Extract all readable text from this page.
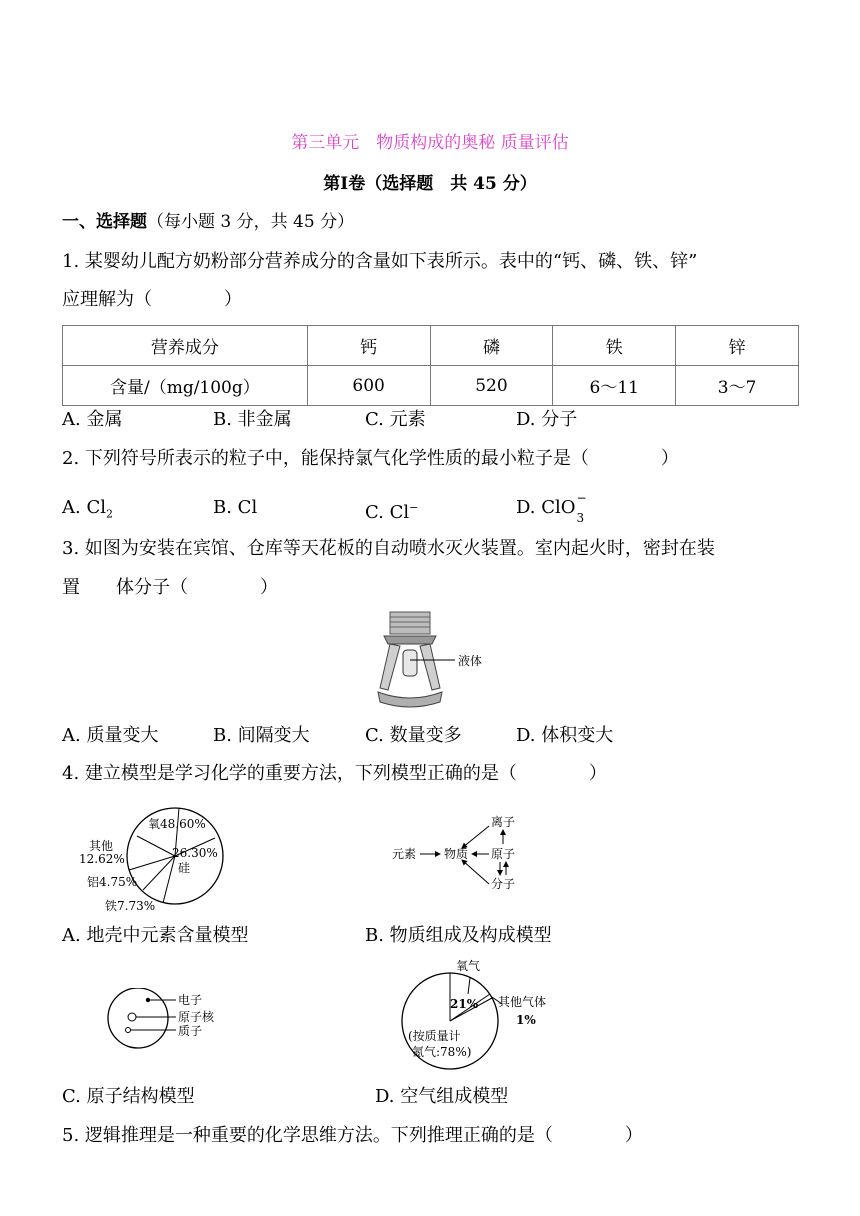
第三单元　物质构成的奥秘 质量评估
第Ⅰ卷（选择题　共 45 分）
一、选择题（每小题 3 分，共 45 分）
1. 某婴幼儿配方奶粉部分营养成分的含量如下表所示。表中的“钙、磷、铁、锌”
应理解为（　　　　）
营养成分	钙	磷	铁	锌
含量/（mg/100g）	600	520	6～11	3～7
A. 金属	B. 非金属	C. 元素	D. 分子
2. 下列符号所表示的粒子中，能保持氯气化学性质的最小粒子是（　　　　）
A. $Cl_2$	B. Cl	C. Cl−	D. ClO −
3
3. 如图为安装在宾馆、仓库等天花板的自动喷水灭火装置。室内起火时，密封在装
置　　体分子（　　　　）
液体
A. 质量变大	B. 间隔变大	C. 数量变多	D. 体积变大
4. 建立模型是学习化学的重要方法，下列模型正确的是（　　　　）
氧48.60%
其他
12.62%	26.30%
硅
铝4.75%
铁7.73%
元素 物质
离子
原子
分子
A. 地壳中元素含量模型	B. 物质组成及构成模型
电子
原子核
质子
氧气
21% 其他气体
1%
(按质量计
氮气:78%)
C. 原子结构模型	D. 空气组成模型
5. 逻辑推理是一种重要的化学思维方法。下列推理正确的是（　　　　）
